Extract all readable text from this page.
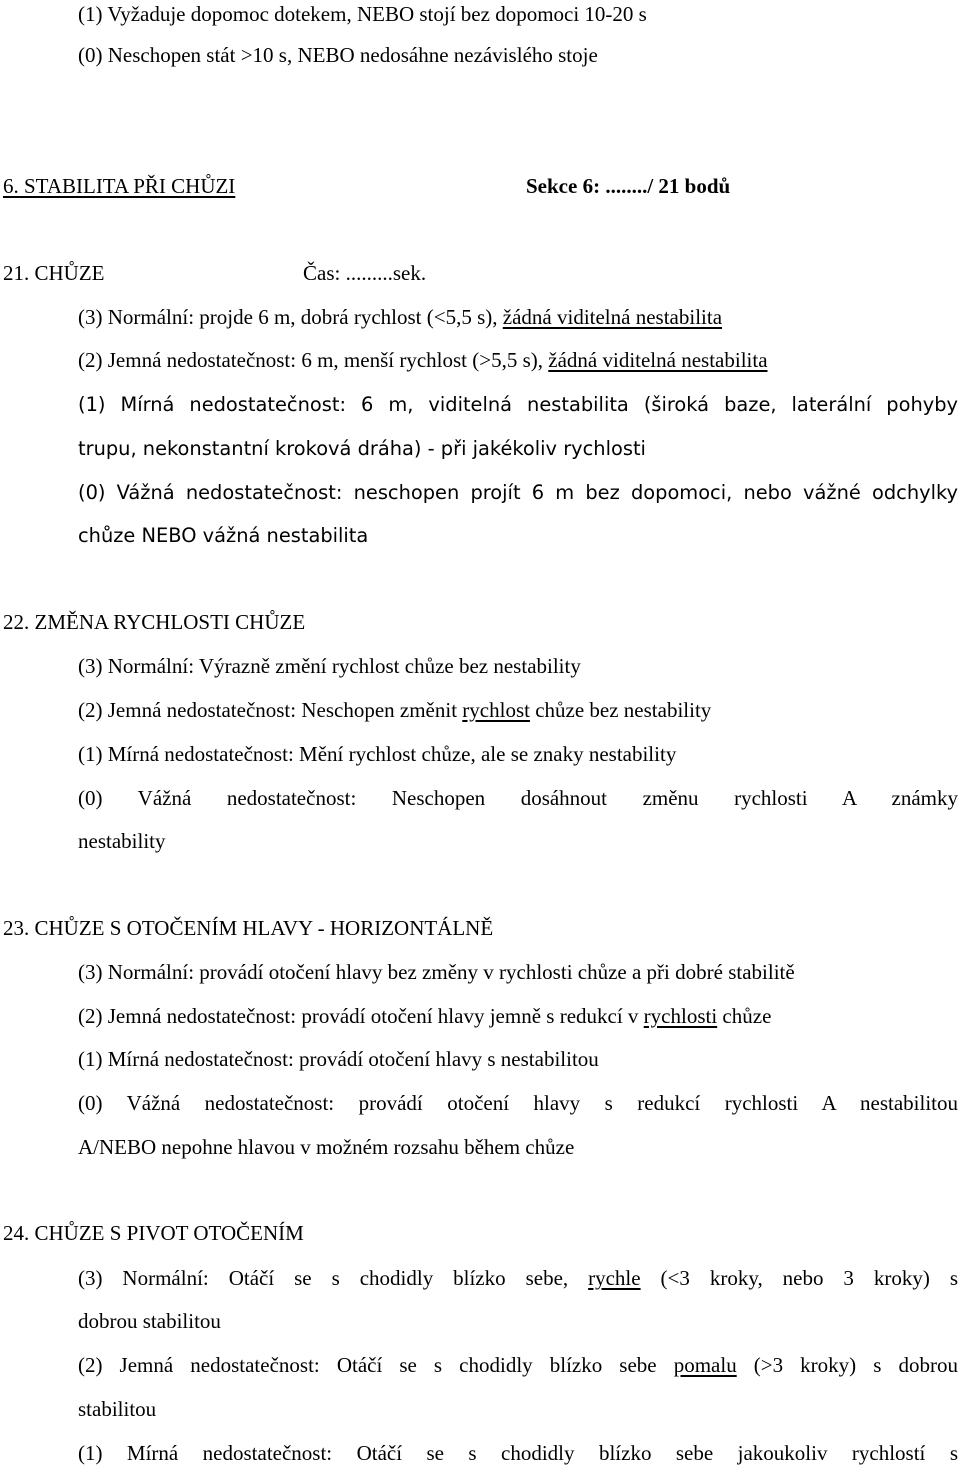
(1) Vyžaduje dopomoc dotekem, NEBO stojí bez dopomoci 10-20 s
(0) Neschopen stát >10 s, NEBO nedosáhne nezávislého stoje
6. STABILITA PŘI CHŮZI	Sekce 6: ......../ 21 bodů
21. CHŮZE	Čas: .........sek.
(3) Normální: projde 6 m, dobrá rychlost (<5,5 s), žádná viditelná nestabilita
(2) Jemná nedostatečnost: 6 m, menší rychlost (>5,5 s), žádná viditelná nestabilita
(1) Mírná nedostatečnost: 6 m, viditelná nestabilita (široká baze, laterální pohyby
trupu, nekonstantní kroková dráha) - při jakékoliv rychlosti
(0) Vážná nedostatečnost: neschopen projít 6 m bez dopomoci, nebo vážné odchylky
chůze NEBO vážná nestabilita
22. ZMĚNA RYCHLOSTI CHŮZE
(3) Normální: Výrazně změní rychlost chůze bez nestability
(2) Jemná nedostatečnost: Neschopen změnit rychlost chůze bez nestability
(1) Mírná nedostatečnost: Mění rychlost chůze, ale se znaky nestability
(0) Vážná nedostatečnost: Neschopen dosáhnout změnu rychlosti A známky
nestability
23. CHŮZE S OTOČENÍM HLAVY - HORIZONTÁLNĚ
(3) Normální: provádí otočení hlavy bez změny v rychlosti chůze a při dobré stabilitě
(2) Jemná nedostatečnost: provádí otočení hlavy jemně s redukcí v rychlosti chůze
(1) Mírná nedostatečnost: provádí otočení hlavy s nestabilitou
(0) Vážná nedostatečnost: provádí otočení hlavy s redukcí rychlosti A nestabilitou
A/NEBO nepohne hlavou v možném rozsahu během chůze
24. CHŮZE S PIVOT OTOČENÍM
(3) Normální: Otáčí se s chodidly blízko sebe, rychle (<3 kroky, nebo 3 kroky) s
dobrou stabilitou
(2) Jemná nedostatečnost: Otáčí se s chodidly blízko sebe pomalu (>3 kroky) s dobrou
stabilitou
(1) Mírná nedostatečnost: Otáčí se s chodidly blízko sebe jakoukoliv rychlostí s
